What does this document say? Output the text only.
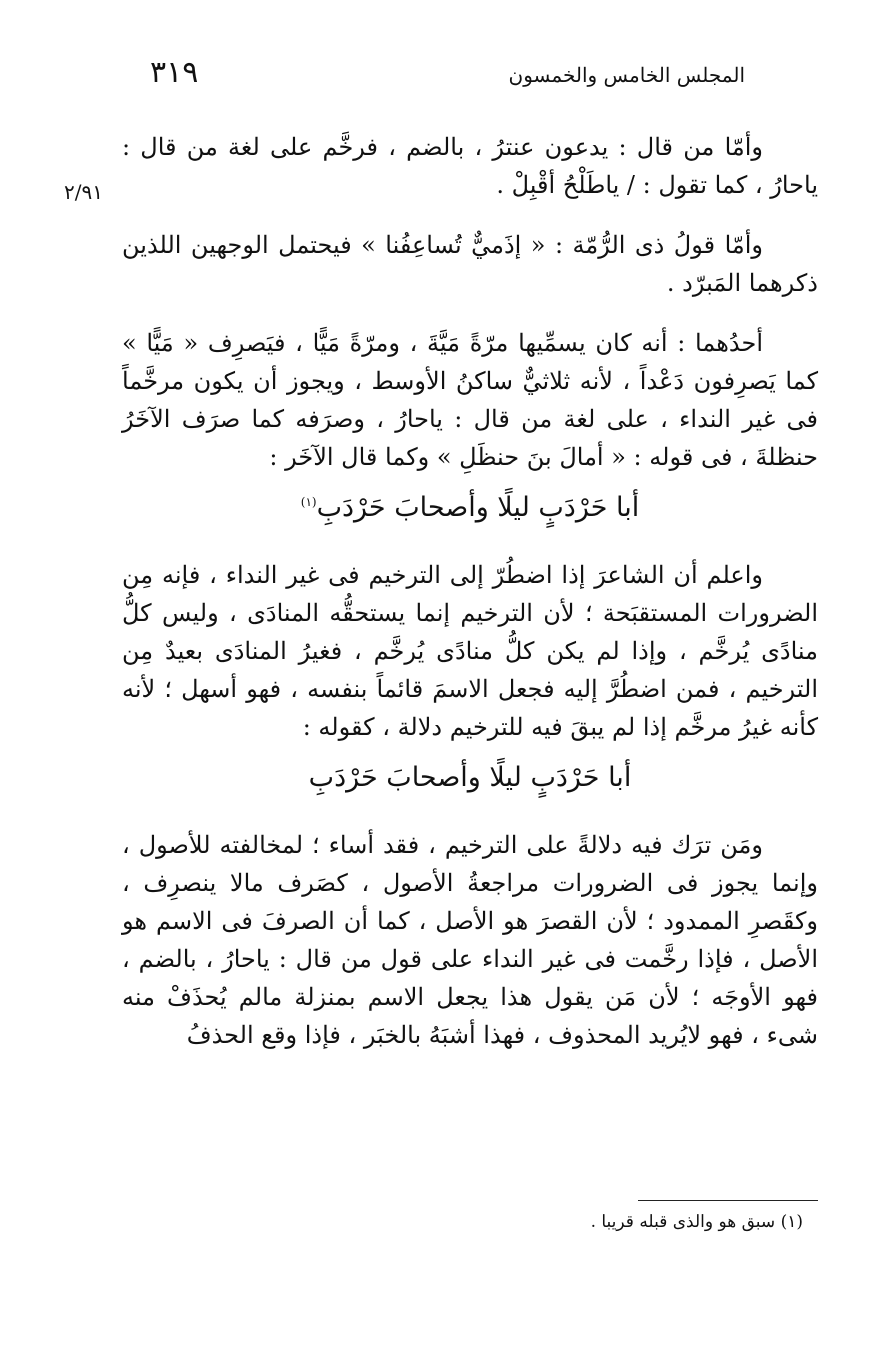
٣١٩	المجلس الخامس والخمسون
٢/٩١

وأمّا من قال : يدعون عنترُ ، بالضم ، فرخَّم على لغة من قال : ياحارُ ، كما تقول : / ياطَلْحُ أقْبِلْ .

وأمّا قولُ ذى الرُّمّة : « إذَميٌّ تُساعِفُنا » فيحتمل الوجهين اللذين ذكرهما المَبرّد .

أحدُهما : أنه كان يسمِّيها مرّةً مَيَّةَ ، ومرّةً مَيًّا ، فيَصرِف « مَيًّا » كما يَصرِفون دَعْداً ، لأنه ثلاثيٌّ ساكنُ الأوسط ، ويجوز أن يكون مرخَّماً فى غير النداء ، على لغة من قال : ياحارُ ، وصرَفه كما صرَف الآخَرُ حنظلةَ ، فى قوله : « أمالَ بنَ حنظَلِ » وكما قال الآخَر :

أبا حَرْدَبٍ ليلًا وأصحابَ حَرْدَبِ$^{(١)}$

واعلم أن الشاعرَ إذا اضطُرّ إلى الترخيم فى غير النداء ، فإنه مِن الضرورات المستقبَحة ؛ لأن الترخيم إنما يستحقُّه المنادَى ، وليس كلُّ منادًى يُرخَّم ، وإذا لم يكن كلُّ منادًى يُرخَّم ، فغيرُ المنادَى بعيدٌ مِن الترخيم ، فمن اضطُرَّ إليه فجعل الاسمَ قائماً بنفسه ، فهو أسهل ؛ لأنه كأنه غيرُ مرخَّم إذا لم يبقَ فيه للترخيم دلالة ، كقوله :

أبا حَرْدَبٍ ليلًا وأصحابَ حَرْدَبِ

ومَن ترَك فيه دلالةً على الترخيم ، فقد أساء ؛ لمخالفته للأصول ، وإنما يجوز فى الضرورات مراجعةُ الأصول ، كصَرف مالا ينصرِف ، وكقَصرِ الممدود ؛ لأن القصرَ هو الأصل ، كما أن الصرفَ فى الاسم هو الأصل ، فإذا رخَّمت فى غير النداء على قول من قال : ياحارُ ، بالضم ، فهو الأوجَه ؛ لأن مَن يقول هذا يجعل الاسم بمنزلة مالم يُحذَفْ منه شىء ، فهو لايُريد المحذوف ، فهذا أشبَهُ بالخبَر ، فإذا وقع الحذفُ

(١) سبق هو والذى قبله قريبا .
